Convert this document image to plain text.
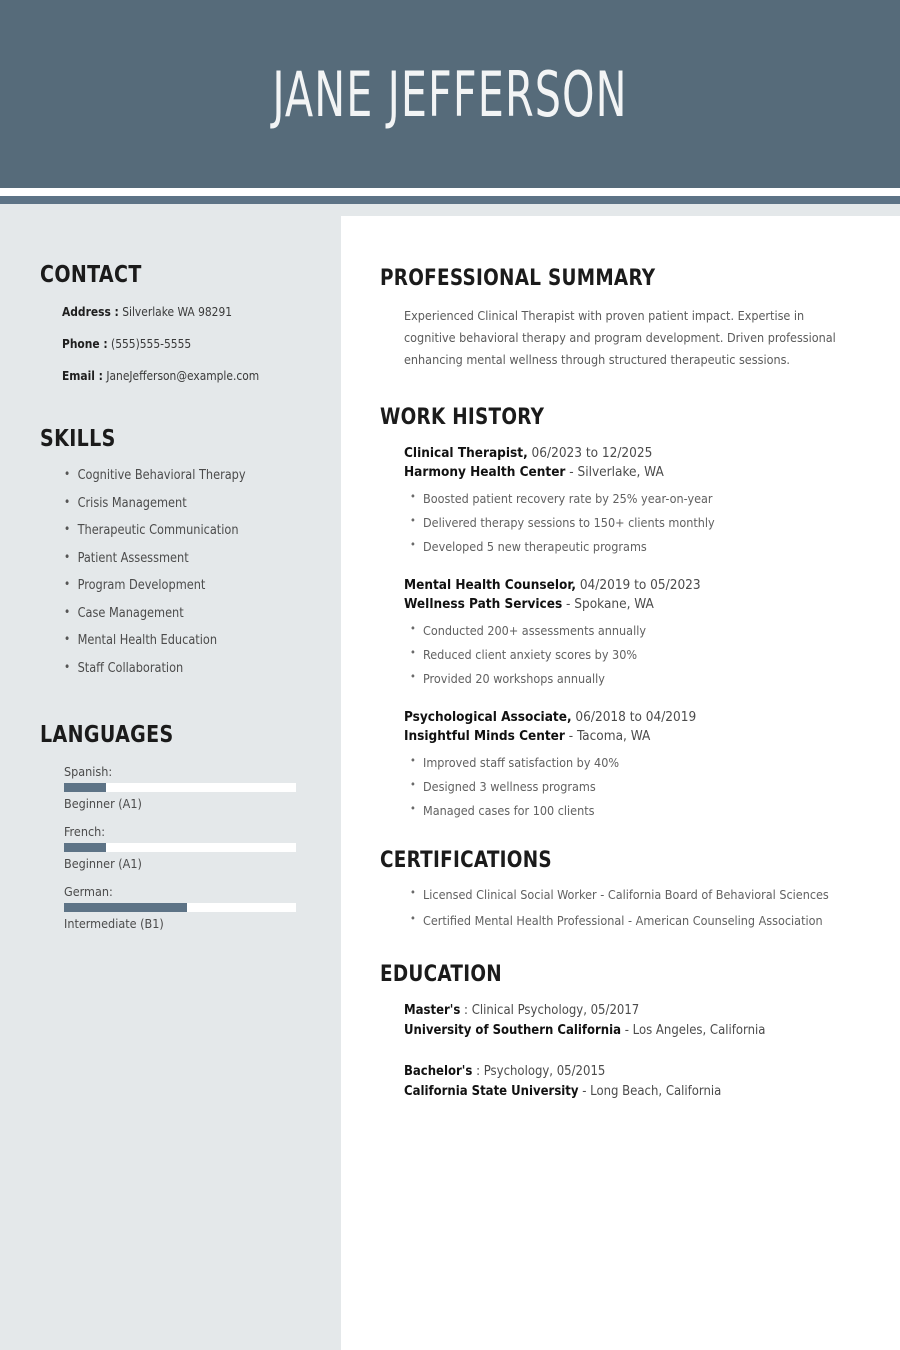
JANE JEFFERSON
CONTACT
Address : Silverlake WA 98291
Phone : (555)555-5555
Email : JaneJefferson@example.com
SKILLS
• Cognitive Behavioral Therapy
• Crisis Management
• Therapeutic Communication
• Patient Assessment
• Program Development
• Case Management
• Mental Health Education
• Staff Collaboration
LANGUAGES
Spanish:
Beginner (A1)
French:
Beginner (A1)
German:
Intermediate (B1)
PROFESSIONAL SUMMARY
Experienced Clinical Therapist with proven patient impact. Expertise in cognitive behavioral therapy and program development. Driven professional enhancing mental wellness through structured therapeutic sessions.
WORK HISTORY
Clinical Therapist, 06/2023 to 12/2025
Harmony Health Center - Silverlake, WA
• Boosted patient recovery rate by 25% year-on-year
• Delivered therapy sessions to 150+ clients monthly
• Developed 5 new therapeutic programs
Mental Health Counselor, 04/2019 to 05/2023
Wellness Path Services - Spokane, WA
• Conducted 200+ assessments annually
• Reduced client anxiety scores by 30%
• Provided 20 workshops annually
Psychological Associate, 06/2018 to 04/2019
Insightful Minds Center - Tacoma, WA
• Improved staff satisfaction by 40%
• Designed 3 wellness programs
• Managed cases for 100 clients
CERTIFICATIONS
• Licensed Clinical Social Worker - California Board of Behavioral Sciences
• Certified Mental Health Professional - American Counseling Association
EDUCATION
Master's : Clinical Psychology, 05/2017
University of Southern California - Los Angeles, California
Bachelor's : Psychology, 05/2015
California State University - Long Beach, California
